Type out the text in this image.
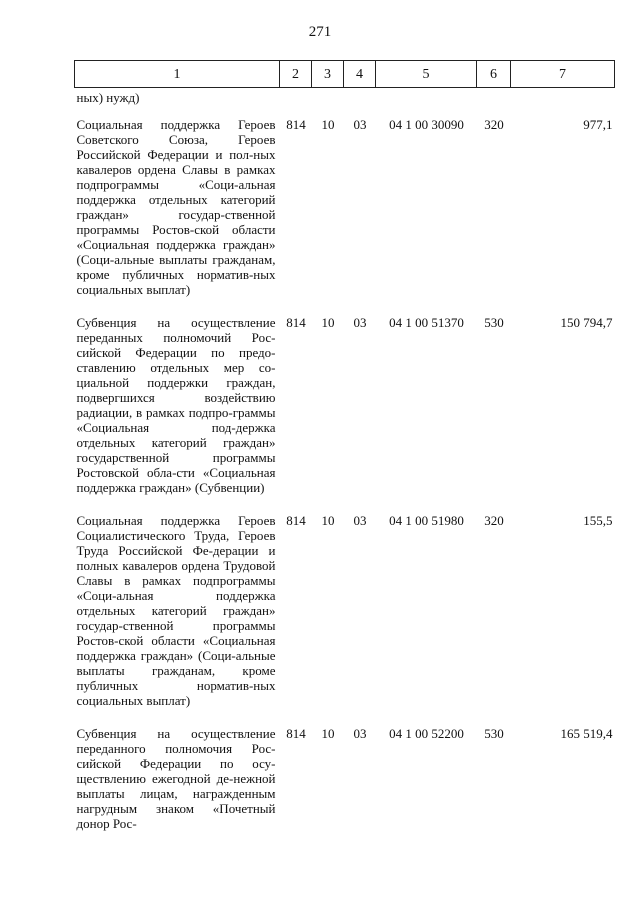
271
1	2	3	4	5	6	7
ных) нужд)						
Социальная поддержка Героев Советского Союза, Героев Российской Федерации и пол-ных кавалеров ордена Славы в рамках подпрограммы «Соци-альная поддержка отдельных категорий граждан» государ-ственной программы Ростов-ской области «Социальная поддержка граждан» (Соци-альные выплаты гражданам, кроме публичных норматив-ных социальных выплат)	814	10	03	04 1 00 30090	320	977,1
Субвенция на осуществление переданных полномочий Рос-сийской Федерации по предо-ставлению отдельных мер со-циальной поддержки граждан, подвергшихся воздействию радиации, в рамках подпро-граммы «Социальная под-держка отдельных категорий граждан» государственной программы Ростовской обла-сти «Социальная поддержка граждан» (Субвенции)	814	10	03	04 1 00 51370	530	150 794,7
Социальная поддержка Героев Социалистического Труда, Героев Труда Российской Фе-дерации и полных кавалеров ордена Трудовой Славы в рамках подпрограммы «Соци-альная поддержка отдельных категорий граждан» государ-ственной программы Ростов-ской области «Социальная поддержка граждан» (Соци-альные выплаты гражданам, кроме публичных норматив-ных социальных выплат)	814	10	03	04 1 00 51980	320	155,5
Субвенция на осуществление переданного полномочия Рос-сийской Федерации по осу-ществлению ежегодной де-нежной выплаты лицам, награжденным нагрудным знаком «Почетный донор Рос-	814	10	03	04 1 00 52200	530	165 519,4
